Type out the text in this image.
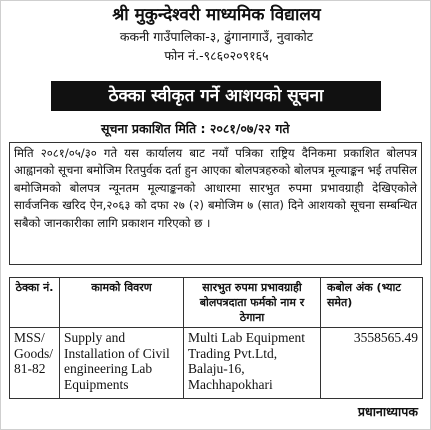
श्री मुकुन्देश्वरी माध्यमिक विद्यालय
ककनी गाउँपालिका-३, ढुंगानागाउँ, नुवाकोट
फोन नं.-९८६०२०९१६५
ठेक्का स्वीकृत गर्ने आशयको सूचना
सूचना प्रकाशित मिति : २०८१/०७/२२ गते
मिति २०८१/०५/३० गते यस कार्यालय बाट नयाँ पत्रिका राष्ट्रिय दैनिकमा प्रकाशित बोलपत्र आह्वानको सूचना बमोजिम रितपुर्वक दर्ता हुन आएका बोलपत्रहरुको बोलपत्र मूल्याङ्कन भई तपसिल बमोजिमको बोलपत्र न्यूनतम मूल्याङ्कनको आधारमा सारभुत रुपमा प्रभावग्राही देखिएकोले सार्वजनिक खरिद ऐन,२०६३ को दफा २७ (२) बमोजिम ७ (सात) दिने आशयको सूचना सम्बन्धित सबैको जानकारीका लागि प्रकाशन गरिएको छ ।
ठेक्का नं.	कामको विवरण	सारभुत रुपमा प्रभावग्राही बोलपत्रदाता फर्मको नाम र ठेगाना	कबोल अंक (भ्याट समेत)
MSS/ Goods/ 81-82	Supply and Installation of Civil engineering Lab Equipments	Multi Lab Equipment Trading Pvt.Ltd, Balaju-16, Machhapokhari	3558565.49
प्रधानाध्यापक
